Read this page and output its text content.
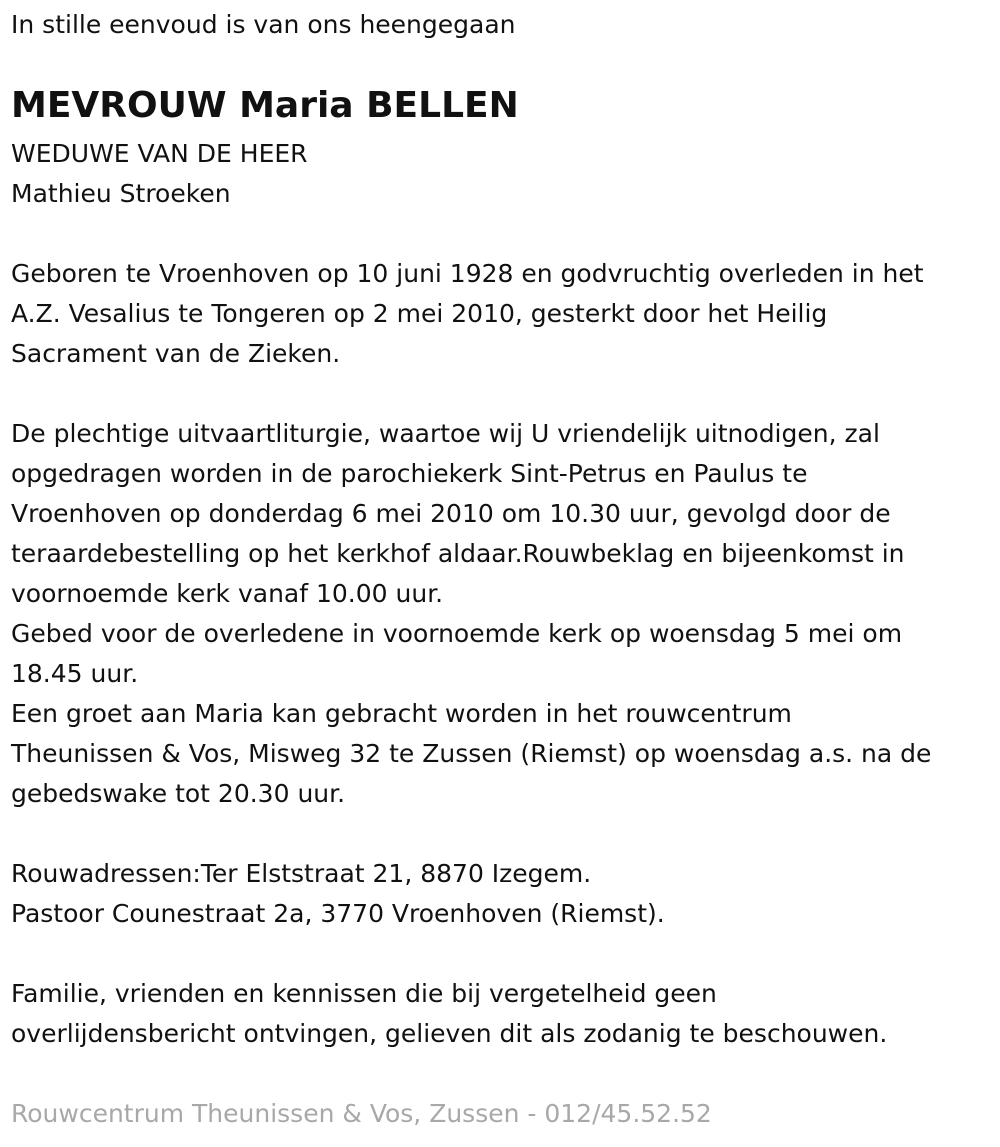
In stille eenvoud is van ons heengegaan
MEVROUW Maria BELLEN
WEDUWE VAN DE HEER
Mathieu Stroeken
Geboren te Vroenhoven op 10 juni 1928 en godvruchtig overleden in het
A.Z. Vesalius te Tongeren op 2 mei 2010, gesterkt door het Heilig
Sacrament van de Zieken.
De plechtige uitvaartliturgie, waartoe wij U vriendelijk uitnodigen, zal
opgedragen worden in de parochiekerk Sint-Petrus en Paulus te
Vroenhoven op donderdag 6 mei 2010 om 10.30 uur, gevolgd door de
teraardebestelling op het kerkhof aldaar.Rouwbeklag en bijeenkomst in
voornoemde kerk vanaf 10.00 uur.
Gebed voor de overledene in voornoemde kerk op woensdag 5 mei om
18.45 uur.
Een groet aan Maria kan gebracht worden in het rouwcentrum
Theunissen & Vos, Misweg 32 te Zussen (Riemst) op woensdag a.s. na de
gebedswake tot 20.30 uur.
Rouwadressen:Ter Elststraat 21, 8870 Izegem.
Pastoor Counestraat 2a, 3770 Vroenhoven (Riemst).
Familie, vrienden en kennissen die bij vergetelheid geen
overlijdensbericht ontvingen, gelieven dit als zodanig te beschouwen.
Rouwcentrum Theunissen & Vos, Zussen - 012/45.52.52
